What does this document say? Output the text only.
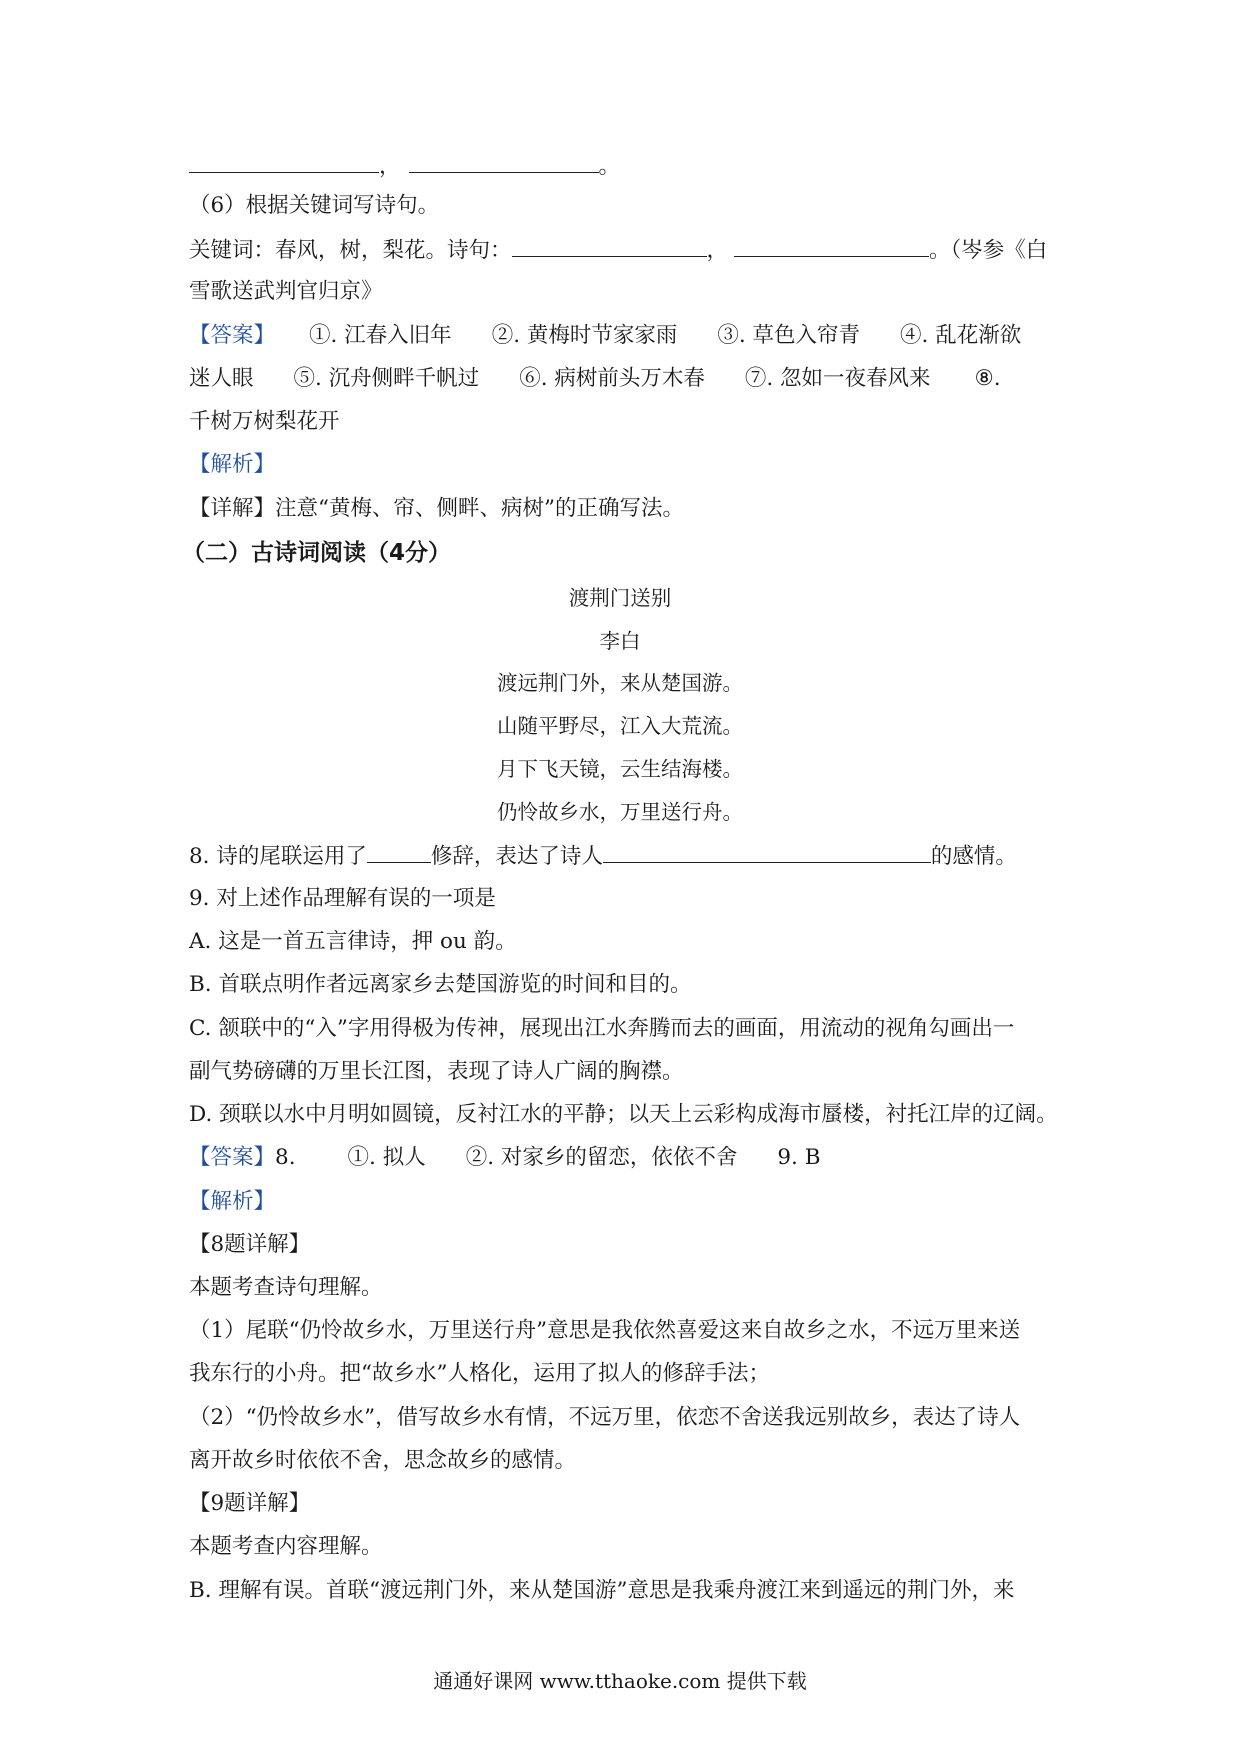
，	。
（6）根据关键词写诗句。
关键词：春风，树，梨花。诗句：	，	。（岑参《白
雪歌送武判官归京》
【答案】 ①. 江春入旧年 ②. 黄梅时节家家雨 ③. 草色入帘青 ④. 乱花渐欲
迷人眼 ⑤. 沉舟侧畔千帆过 ⑥. 病树前头万木春 ⑦. 忽如一夜春风来 ⑧.
千树万树梨花开
【解析】
【详解】注意“黄梅、帘、侧畔、病树”的正确写法。
（二）古诗词阅读（4分）
渡荆门送别
李白
渡远荆门外，来从楚国游。
山随平野尽，江入大荒流。
月下飞天镜，云生结海楼。
仍怜故乡水，万里送行舟。
8. 诗的尾联运用了	修辞，表达了诗人	的感情。
9. 对上述作品理解有误的一项是
A. 这是一首五言律诗，押 ou 韵。
B. 首联点明作者远离家乡去楚国游览的时间和目的。
C. 颔联中的“入”字用得极为传神，展现出江水奔腾而去的画面，用流动的视角勾画出一
副气势磅礴的万里长江图，表现了诗人广阔的胸襟。
D. 颈联以水中月明如圆镜，反衬江水的平静；以天上云彩构成海市蜃楼，衬托江岸的辽阔。
【答案】8. ①. 拟人 ②. 对家乡的留恋，依依不舍 9. B
【解析】
【8题详解】
本题考查诗句理解。
（1）尾联“仍怜故乡水，万里送行舟”意思是我依然喜爱这来自故乡之水，不远万里来送
我东行的小舟。把“故乡水”人格化，运用了拟人的修辞手法；
（2）“仍怜故乡水”，借写故乡水有情，不远万里，依恋不舍送我远别故乡，表达了诗人
离开故乡时依依不舍，思念故乡的感情。
【9题详解】
本题考查内容理解。
B. 理解有误。首联“渡远荆门外，来从楚国游”意思是我乘舟渡江来到遥远的荆门外，来
通通好课网 www.tthaoke.com 提供下载
